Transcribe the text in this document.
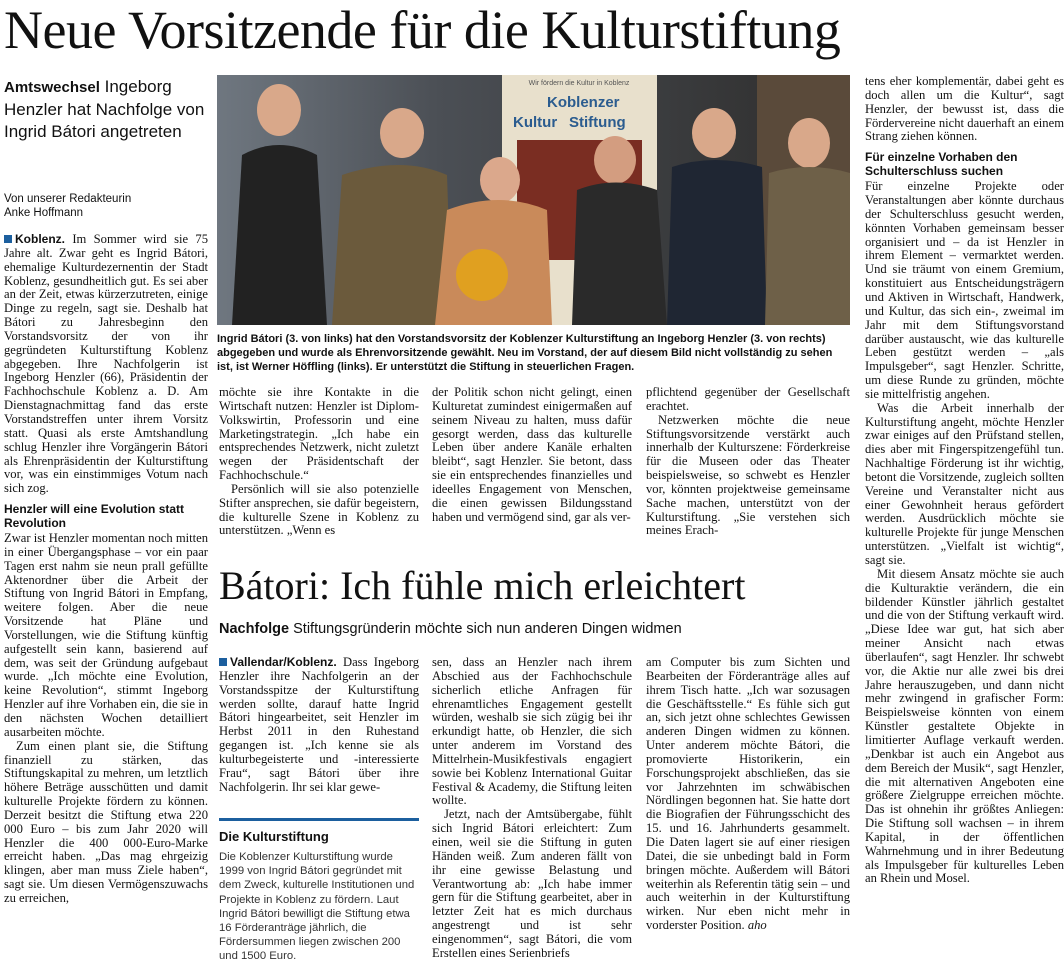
Neue Vorsitzende für die Kulturstiftung
Amtswechsel Ingeborg Henzler hat Nachfolge von Ingrid Bátori angetreten
Von unserer Redakteurin
Anke Hoffmann

Koblenz. Im Sommer wird sie 75 Jahre alt. Zwar geht es Ingrid Bátori, ehemalige Kulturdezernentin der Stadt Koblenz, gesundheitlich gut. Es sei aber an der Zeit, etwas kürzerzutreten, einige Dinge zu regeln, sagt sie. Deshalb hat Bátori zu Jahresbeginn den Vorstandsvorsitz der von ihr gegründeten Kulturstiftung Koblenz abgegeben. Ihre Nachfolgerin ist Ingeborg Henzler (66), Präsidentin der Fachhochschule Koblenz a. D. Am Dienstagnachmittag fand das erste Vorstandstreffen unter ihrem Vorsitz statt. Quasi als erste Amtshandlung schlug Henzler ihre Vorgängerin Bátori als Ehrenpräsidentin der Kulturstiftung vor, was ein einstimmiges Votum nach sich zog.

Henzler will eine Evolution statt Revolution

Zwar ist Henzler momentan noch mitten in einer Übergangsphase – vor ein paar Tagen erst nahm sie neun prall gefüllte Aktenordner über die Arbeit der Stiftung von Ingrid Bátori in Empfang, weitere folgen. Aber die neue Vorsitzende hat Pläne und Vorstellungen, wie die Stiftung künftig aufgestellt sein kann, basierend auf dem, was seit der Gründung aufgebaut wurde. „Ich möchte eine Evolution, keine Revolution“, stimmt Ingeborg Henzler auf ihre Vorhaben ein, die sie in den nächsten Wochen detailliert ausarbeiten möchte.

Zum einen plant sie, die Stiftung finanziell zu stärken, das Stiftungskapital zu mehren, um letztlich höhere Beträge ausschütten und damit kulturelle Projekte fördern zu können. Derzeit besitzt die Stiftung etwa 220 000 Euro – bis zum Jahr 2020 will Henzler die 400 000-Euro-Marke erreicht haben. „Das mag ehrgeizig klingen, aber man muss Ziele haben“, sagt sie. Um diesen Vermögenszuwachs zu erreichen,

Wir fördern die Kultur in Koblenz
Koblenzer
Kultur Stiftung
Ingrid Bátori (3. von links) hat den Vorstandsvorsitz der Koblenzer Kulturstiftung an Ingeborg Henzler (3. von rechts) abgegeben und wurde als Ehrenvorsitzende gewählt. Neu im Vorstand, der auf diesem Bild nicht vollständig zu sehen ist, ist Werner Höffling (links). Er unterstützt die Stiftung in steuerlichen Fragen.

möchte sie ihre Kontakte in die Wirtschaft nutzen: Henzler ist Diplom-Volkswirtin, Professorin und eine Marketingstrategin. „Ich habe ein entsprechendes Netzwerk, nicht zuletzt wegen der Präsidentschaft der Fachhochschule.“

Persönlich will sie also potenzielle Stifter ansprechen, sie dafür begeistern, die kulturelle Szene in Koblenz zu unterstützen. „Wenn es

der Politik schon nicht gelingt, einen Kulturetat zumindest einigermaßen auf seinem Niveau zu halten, muss dafür gesorgt werden, dass das kulturelle Leben über andere Kanäle erhalten bleibt“, sagt Henzler. Sie betont, dass sie ein entsprechendes finanzielles und ideelles Engagement von Menschen, die einen gewissen Bildungsstand haben und vermögend sind, gar als ver-

pflichtend gegenüber der Gesellschaft erachtet.

Netzwerken möchte die neue Stiftungsvorsitzende verstärkt auch innerhalb der Kulturszene: Förderkreise für die Museen oder das Theater beispielsweise, so schwebt es Henzler vor, könnten projektweise gemeinsame Sache machen, unterstützt von der Kulturstiftung. „Sie verstehen sich meines Erach-

tens eher komplementär, dabei geht es doch allen um die Kultur“, sagt Henzler, der bewusst ist, dass die Fördervereine nicht dauerhaft an einem Strang ziehen können.

Für einzelne Vorhaben den Schulterschluss suchen

Für einzelne Projekte oder Veranstaltungen aber könnte durchaus der Schulterschluss gesucht werden, könnten Vorhaben gemeinsam besser organisiert und – da ist Henzler in ihrem Element – vermarktet werden. Und sie träumt von einem Gremium, konstituiert aus Entscheidungsträgern und Aktiven in Wirtschaft, Handwerk, und Kultur, das sich ein-, zweimal im Jahr mit dem Stiftungsvorstand darüber austauscht, wie das kulturelle Leben gestützt werden – „als Impulsgeber“, sagt Henzler. Schritte, um diese Runde zu gründen, möchte sie mittelfristig angehen.

Was die Arbeit innerhalb der Kulturstiftung angeht, möchte Henzler zwar einiges auf den Prüfstand stellen, dies aber mit Fingerspitzengefühl tun. Nachhaltige Förderung ist ihr wichtig, betont die Vorsitzende, zugleich sollten Vereine und Veranstalter nicht aus einer Gewohnheit heraus gefördert werden. Ausdrücklich möchte sie kulturelle Projekte für junge Menschen unterstützen. „Vielfalt ist wichtig“, sagt sie.

Mit diesem Ansatz möchte sie auch die Kulturaktie verändern, die ein bildender Künstler jährlich gestaltet und die von der Stiftung verkauft wird. „Diese Idee war gut, hat sich aber meiner Ansicht nach etwas überlaufen“, sagt Henzler. Ihr schwebt vor, die Aktie nur alle zwei bis drei Jahre herauszugeben, und dann nicht mehr zwingend in grafischer Form: Beispielsweise könnten von einem Künstler gestaltete Objekte in limitierter Auflage verkauft werden. „Denkbar ist auch ein Angebot aus dem Bereich der Musik“, sagt Henzler, die mit alternativen Angeboten eine größere Zielgruppe erreichen möchte. Das ist ohnehin ihr größtes Anliegen: Die Stiftung soll wachsen – in ihrem Kapital, in der öffentlichen Wahrnehmung und in ihrer Bedeutung als Impulsgeber für kulturelles Leben an Rhein und Mosel.

Bátori: Ich fühle mich erleichtert
Nachfolge Stiftungsgründerin möchte sich nun anderen Dingen widmen

Vallendar/Koblenz. Dass Ingeborg Henzler ihre Nachfolgerin an der Vorstandsspitze der Kulturstiftung werden sollte, darauf hatte Ingrid Bátori hingearbeitet, seit Henzler im Herbst 2011 in den Ruhestand gegangen ist. „Ich kenne sie als kulturbegeisterte und -interessierte Frau“, sagt Bátori über ihre Nachfolgerin. Ihr sei klar gewe-

Die Kulturstiftung
Die Koblenzer Kulturstiftung wurde 1999 von Ingrid Bátori gegründet mit dem Zweck, kulturelle Institutionen und Projekte in Koblenz zu fördern. Laut Ingrid Bátori bewilligt die Stiftung etwa 16 Förderanträge jährlich, die Fördersummen liegen zwischen 200 und 1500 Euro.

sen, dass an Henzler nach ihrem Abschied aus der Fachhochschule sicherlich etliche Anfragen für ehrenamtliches Engagement gestellt würden, weshalb sie sich zügig bei ihr erkundigt hatte, ob Henzler, die sich unter anderem im Vorstand des Mittelrhein-Musikfestivals engagiert sowie bei Koblenz International Guitar Festival & Academy, die Stiftung leiten wollte.

Jetzt, nach der Amtsübergabe, fühlt sich Ingrid Bátori erleichtert: Zum einen, weil sie die Stiftung in guten Händen weiß. Zum anderen fällt von ihr eine gewisse Belastung und Verantwortung ab: „Ich habe immer gern für die Stiftung gearbeitet, aber in letzter Zeit hat es mich durchaus angestrengt und ist sehr eingenommen“, sagt Bátori, die vom Erstellen eines Serienbriefs

am Computer bis zum Sichten und Bearbeiten der Förderanträge alles auf ihrem Tisch hatte. „Ich war sozusagen die Geschäftsstelle.“ Es fühle sich gut an, sich jetzt ohne schlechtes Gewissen anderen Dingen widmen zu können. Unter anderem möchte Bátori, die promovierte Historikerin, ein Forschungsprojekt abschließen, das sie vor Jahrzehnten im schwäbischen Nördlingen begonnen hat. Sie hatte dort die Biografien der Führungsschicht des 15. und 16. Jahrhunderts gesammelt. Die Daten lagert sie auf einer riesigen Datei, die sie unbedingt bald in Form bringen möchte. Außerdem will Bátori weiterhin als Referentin tätig sein – und auch weiterhin in der Kulturstiftung wirken. Nur eben nicht mehr in vorderster Position. aho
